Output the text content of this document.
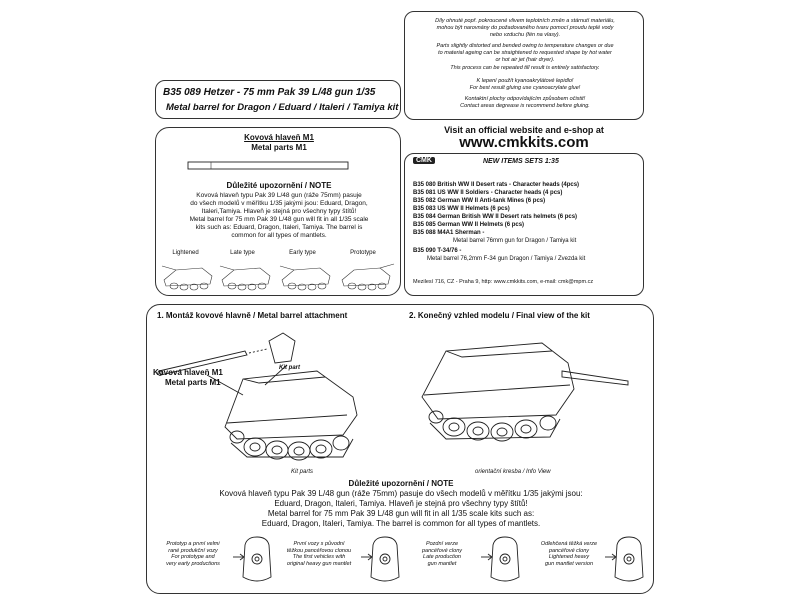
B35 089 Hetzer - 75 mm Pak 39 L/48 gun 1/35
Metal barrel for Dragon / Eduard / Italeri / Tamiya kit
Díly ohnuté popř. pokroucené vlivem teplotních změn a stárnutí materiálu,
mohou být narovnány do požadovaného tvaru pomocí proudu teplé vody
nebo vzduchu (fén na vlasy).
Parts slightly distorted and bended owing to temperature changes or due
to material ageing can be straightened to requested shape by hot water
or hot air jet (hair dryer).
This process can be repeated till result is entirely satisfactory.
K lepení použít kyanoakrylátové lepidlo!
For best result gluing use cyanoacrylate glue!
Kontaktní plochy odpovídajícím způsobem očistit!
Contact areas degrease is recommend before gluing.
Kovová hlaveň M1
Metal parts M1
Důležité upozornění / NOTE
Kovová hlaveň typu Pak 39 L/48 gun (ráže 75mm) pasuje
do všech modelů v měřítku 1/35 jakými jsou: Eduard, Dragon,
Italeri,Tamiya. Hlaveň je stejná pro všechny typy štítů!
Metal barrel for 75 mm Pak 39 L/48 gun will fit in all 1/35 scale
kits such as: Eduard, Dragon, Italeri, Tamiya. The barrel is
common for all types of mantlets.
Lightened	Late type	Early type	Prototype
Visit an official website and e-shop at
www.cmkkits.com
CMK	NEW ITEMS SETS 1:35
B35 080 British WW II Desert rats - Character heads (4pcs)
B35 081 US WW II Soldiers - Character heads (4 pcs)
B35 082 German WW II Anti-tank Mines (6 pcs)
B35 083 US WW II Helmets (6 pcs)
B35 084 German British WW II Desert rats helmets (6 pcs)
B35 085 German WW II Helmets (6 pcs)
B35 088 M4A1 Sherman -
Metal barrel 76mm gun for Dragon / Tamiya kit
B35 090 T-34/76 -
Metal barrel 76,2mm F-34 gun Dragon / Tamiya / Zvezda kit
Mezilesí 716, CZ - Praha 9, http: www.cmkkits.com, e-mail: cmk@mpm.cz
1. Montáž kovové hlavně / Metal barrel attachment	2. Konečný vzhled modelu / Final view of the kit
Kit part
Kovová hlaveň M1
Metal parts M1
Kit parts	orientační kresba / Info View
Důležité upozornění / NOTE
Kovová hlaveň typu Pak 39 L/48 gun (ráže 75mm) pasuje do všech modelů v měřítku 1/35 jakými jsou:
Eduard, Dragon, Italeri, Tamiya. Hlaveň je stejná pro všechny typy štítů!
Metal barrel for 75 mm Pak 39 L/48 gun will fit in all 1/35 scale kits such as:
Eduard, Dragon, Italeri, Tamiya. The barrel is common for all types of mantlets.
Prototyp a první velmi
rané produkční vozy
For prototype and
very early productions
První vozy s původní
těžkou pancéřovou clonou
The first vehicles with
original heavy gun mantlet
Pozdní verze
pancéřové clony
Late production
gun mantlet
Odlehčená těžká verze
pancéřové clony
Lightened heavy
gun mantlet version
